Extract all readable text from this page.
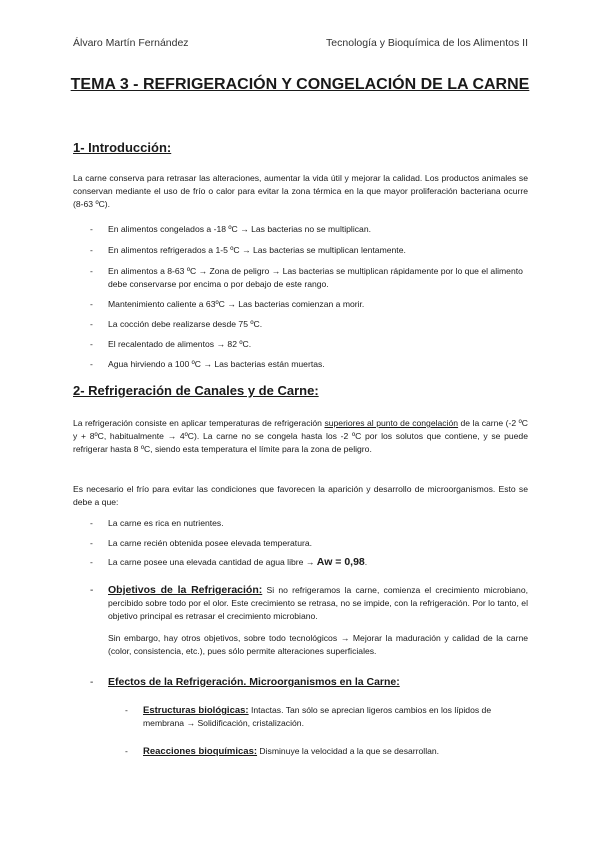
Álvaro Martín Fernández	Tecnología y Bioquímica de los Alimentos II
TEMA 3 - REFRIGERACIÓN Y CONGELACIÓN DE LA CARNE
1- Introducción:
La carne conserva para retrasar las alteraciones, aumentar la vida útil y mejorar la calidad. Los productos animales se conservan mediante el uso de frío o calor para evitar la zona térmica en la que mayor proliferación bacteriana ocurre (8-63 ºC).
- En alimentos congelados a -18 ºC → Las bacterias no se multiplican.
- En alimentos refrigerados a 1-5 ºC → Las bacterias se multiplican lentamente.
- En alimentos a 8-63 ºC → Zona de peligro → Las bacterias se multiplican rápidamente por lo que el alimento debe conservarse por encima o por debajo de este rango.
- Mantenimiento caliente a 63ºC → Las bacterias comienzan a morir.
- La cocción debe realizarse desde 75 ºC.
- El recalentado de alimentos → 82 ºC.
- Agua hirviendo a 100 ºC → Las bacterias están muertas.
2- Refrigeración de Canales y de Carne:
La refrigeración consiste en aplicar temperaturas de refrigeración superiores al punto de congelación de la carne (-2 ºC y + 8ºC, habitualmente → 4ºC). La carne no se congela hasta los -2 ºC por los solutos que contiene, y se puede refrigerar hasta 8 ºC, siendo esta temperatura el límite para la zona de peligro.
Es necesario el frío para evitar las condiciones que favorecen la aparición y desarrollo de microorganismos. Esto se debe a que:
- La carne es rica en nutrientes.
- La carne recién obtenida posee elevada temperatura.
- La carne posee una elevada cantidad de agua libre → Aw = 0,98.
- Objetivos de la Refrigeración: Si no refrigeramos la carne, comienza el crecimiento microbiano, percibido sobre todo por el olor. Este crecimiento se retrasa, no se impide, con la refrigeración. Por lo tanto, el objetivo principal es retrasar el crecimiento microbiano.
Sin embargo, hay otros objetivos, sobre todo tecnológicos → Mejorar la maduración y calidad de la carne (color, consistencia, etc.), pues sólo permite alteraciones superficiales.
- Efectos de la Refrigeración. Microorganismos en la Carne:
- Estructuras biológicas: Intactas. Tan sólo se aprecian ligeros cambios en los lípidos de membrana → Solidificación, cristalización.
- Reacciones bioquímicas: Disminuye la velocidad a la que se desarrollan.
